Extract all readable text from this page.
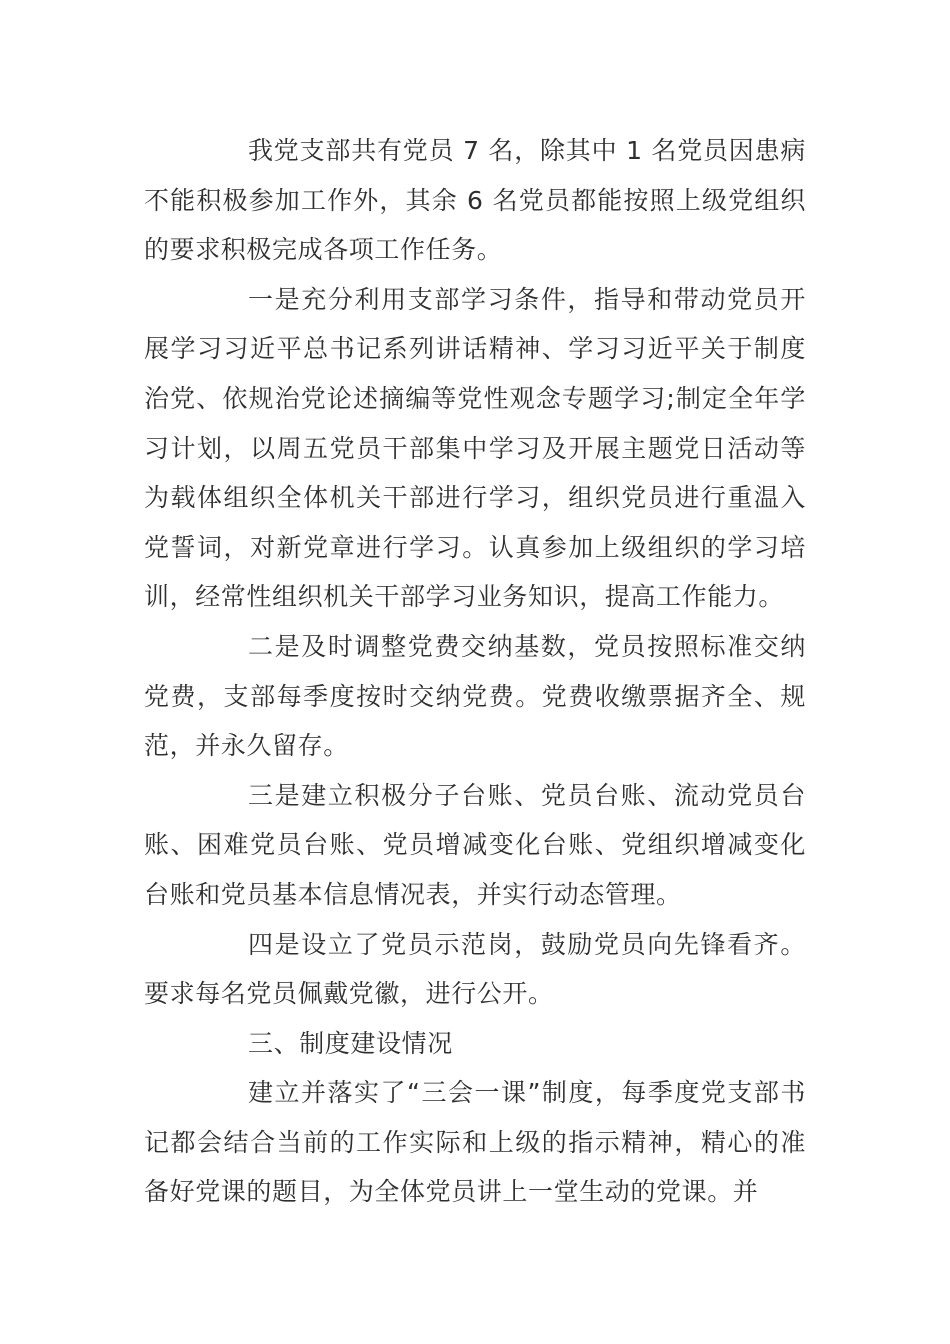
我党支部共有党员 7 名，除其中 1 名党员因患病不能积极参加工作外，其余 6 名党员都能按照上级党组织的要求积极完成各项工作任务。

一是充分利用支部学习条件，指导和带动党员开展学习习近平总书记系列讲话精神、学习习近平关于制度治党、依规治党论述摘编等党性观念专题学习;制定全年学习计划，以周五党员干部集中学习及开展主题党日活动等为载体组织全体机关干部进行学习，组织党员进行重温入党誓词，对新党章进行学习。认真参加上级组织的学习培训，经常性组织机关干部学习业务知识，提高工作能力。

二是及时调整党费交纳基数，党员按照标准交纳党费，支部每季度按时交纳党费。党费收缴票据齐全、规范，并永久留存。

三是建立积极分子台账、党员台账、流动党员台账、困难党员台账、党员增减变化台账、党组织增减变化台账和党员基本信息情况表，并实行动态管理。

四是设立了党员示范岗，鼓励党员向先锋看齐。要求每名党员佩戴党徽，进行公开。

三、制度建设情况

建立并落实了“三会一课”制度，每季度党支部书记都会结合当前的工作实际和上级的指示精神，精心的准备好党课的题目，为全体党员讲上一堂生动的党课。并
